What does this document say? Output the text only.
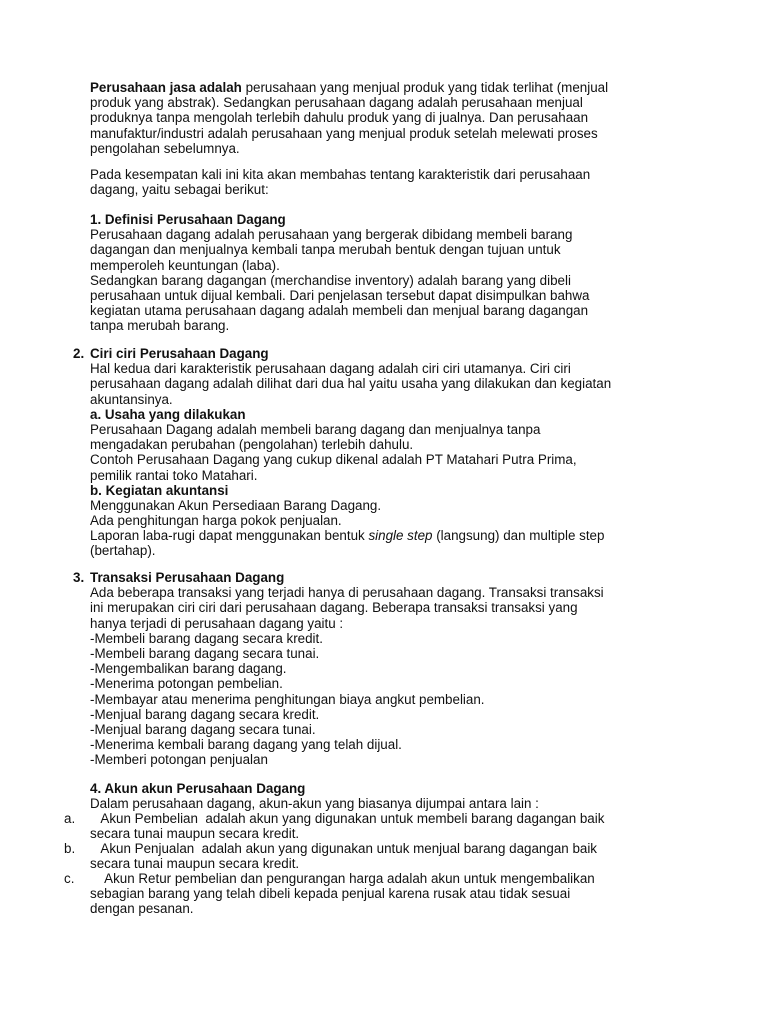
Perusahaan jasa adalah perusahaan yang menjual produk yang tidak terlihat (menjual
produk yang abstrak). Sedangkan perusahaan dagang adalah perusahaan menjual
produknya tanpa mengolah terlebih dahulu produk yang di jualnya. Dan perusahaan
manufaktur/industri adalah perusahaan yang menjual produk setelah melewati proses
pengolahan sebelumnya.
Pada kesempatan kali ini kita akan membahas tentang karakteristik dari perusahaan
dagang, yaitu sebagai berikut:
1. Definisi Perusahaan Dagang
Perusahaan dagang adalah perusahaan yang bergerak dibidang membeli barang
dagangan dan menjualnya kembali tanpa merubah bentuk dengan tujuan untuk
memperoleh keuntungan (laba).
Sedangkan barang dagangan (merchandise inventory) adalah barang yang dibeli
perusahaan untuk dijual kembali. Dari penjelasan tersebut dapat disimpulkan bahwa
kegiatan utama perusahaan dagang adalah membeli dan menjual barang dagangan
tanpa merubah barang.
2. Ciri ciri Perusahaan Dagang
Hal kedua dari karakteristik perusahaan dagang adalah ciri ciri utamanya. Ciri ciri
perusahaan dagang adalah dilihat dari dua hal yaitu usaha yang dilakukan dan kegiatan
akuntansinya.
a. Usaha yang dilakukan
Perusahaan Dagang adalah membeli barang dagang dan menjualnya tanpa
mengadakan perubahan (pengolahan) terlebih dahulu.
Contoh Perusahaan Dagang yang cukup dikenal adalah PT Matahari Putra Prima,
pemilik rantai toko Matahari.
b. Kegiatan akuntansi
Menggunakan Akun Persediaan Barang Dagang.
Ada penghitungan harga pokok penjualan.
Laporan laba-rugi dapat menggunakan bentuk single step (langsung) dan multiple step
(bertahap).
3. Transaksi Perusahaan Dagang
Ada beberapa transaksi yang terjadi hanya di perusahaan dagang. Transaksi transaksi
ini merupakan ciri ciri dari perusahaan dagang. Beberapa transaksi transaksi yang
hanya terjadi di perusahaan dagang yaitu :
-Membeli barang dagang secara kredit.
-Membeli barang dagang secara tunai.
-Mengembalikan barang dagang.
-Menerima potongan pembelian.
-Membayar atau menerima penghitungan biaya angkut pembelian.
-Menjual barang dagang secara kredit.
-Menjual barang dagang secara tunai.
-Menerima kembali barang dagang yang telah dijual.
-Memberi potongan penjualan
4. Akun akun Perusahaan Dagang
Dalam perusahaan dagang, akun-akun yang biasanya dijumpai antara lain :
a. Akun Pembelian  adalah akun yang digunakan untuk membeli barang dagangan baik
secara tunai maupun secara kredit.
b. Akun Penjualan  adalah akun yang digunakan untuk menjual barang dagangan baik
secara tunai maupun secara kredit.
c. Akun Retur pembelian dan pengurangan harga adalah akun untuk mengembalikan
sebagian barang yang telah dibeli kepada penjual karena rusak atau tidak sesuai
dengan pesanan.
